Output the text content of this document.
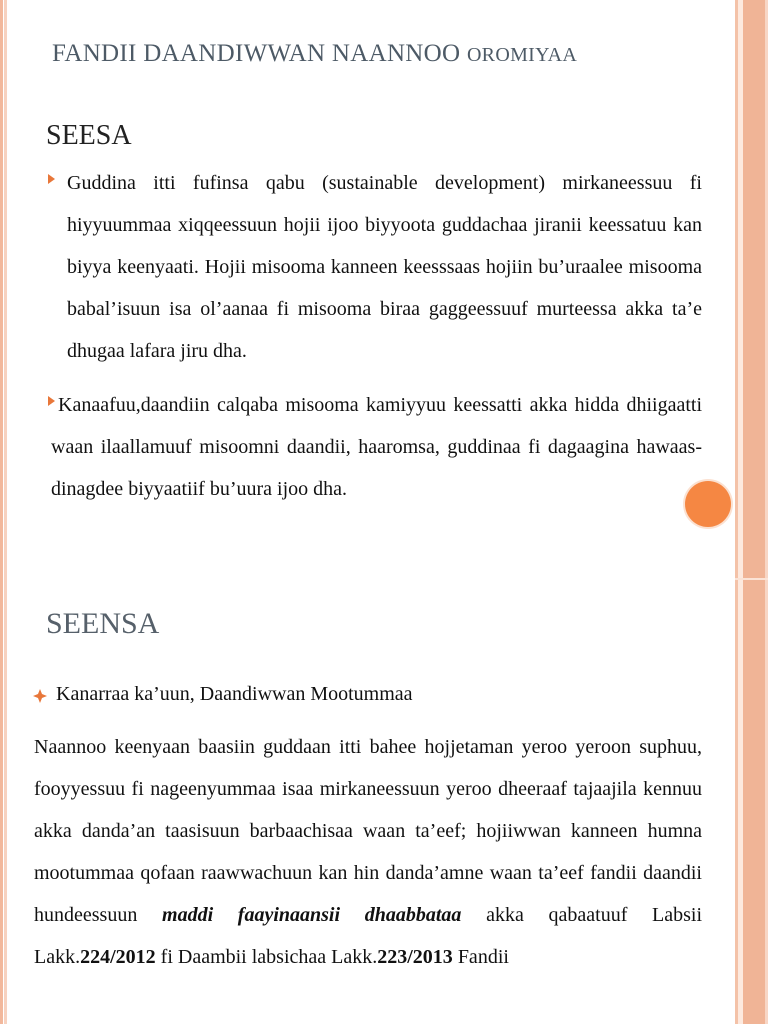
FANDII DAANDIWWAN NAANNOO OROMIYAA
SEESA
Guddina itti fufinsa qabu (sustainable development) mirkaneessuu fi hiyyuummaa xiqqeessuun hojii ijoo biyyoota guddachaa jiranii keessatuu kan biyya keenyaati. Hojii misooma kanneen keesssaas hojiin bu’uraalee misooma babal’isuun isa ol’aanaa fi misooma biraa gaggeessuuf murteessa akka ta’e dhugaa lafara jiru dha.
Kanaafuu,daandiin calqaba misooma kamiyyuu keessatti akka hidda dhiigaatti waan ilaallamuuf misoomni daandii, haaromsa, guddinaa fi dagaagina hawaas-dinagdee biyyaatiif bu’uura ijoo dha.
SEENSA
Kanarraa ka’uun, Daandiwwan Mootummaa
Naannoo keenyaan baasiin guddaan itti bahee hojjetaman yeroo yeroon suphuu, fooyyessuu fi nageenyummaa isaa mirkaneessuun yeroo dheeraaf tajaajila kennuu akka danda’an taasisuun barbaachisaa waan ta’eef; hojiiwwan kanneen humna mootummaa qofaan raawwachuun kan hin danda’amne waan ta’eef fandii daandii hundeessuun maddi faayinaansii dhaabbataa akka qabaatuuf Labsii Lakk.224/2012 fi Daambii labsichaa Lakk.223/2013 Fandii
